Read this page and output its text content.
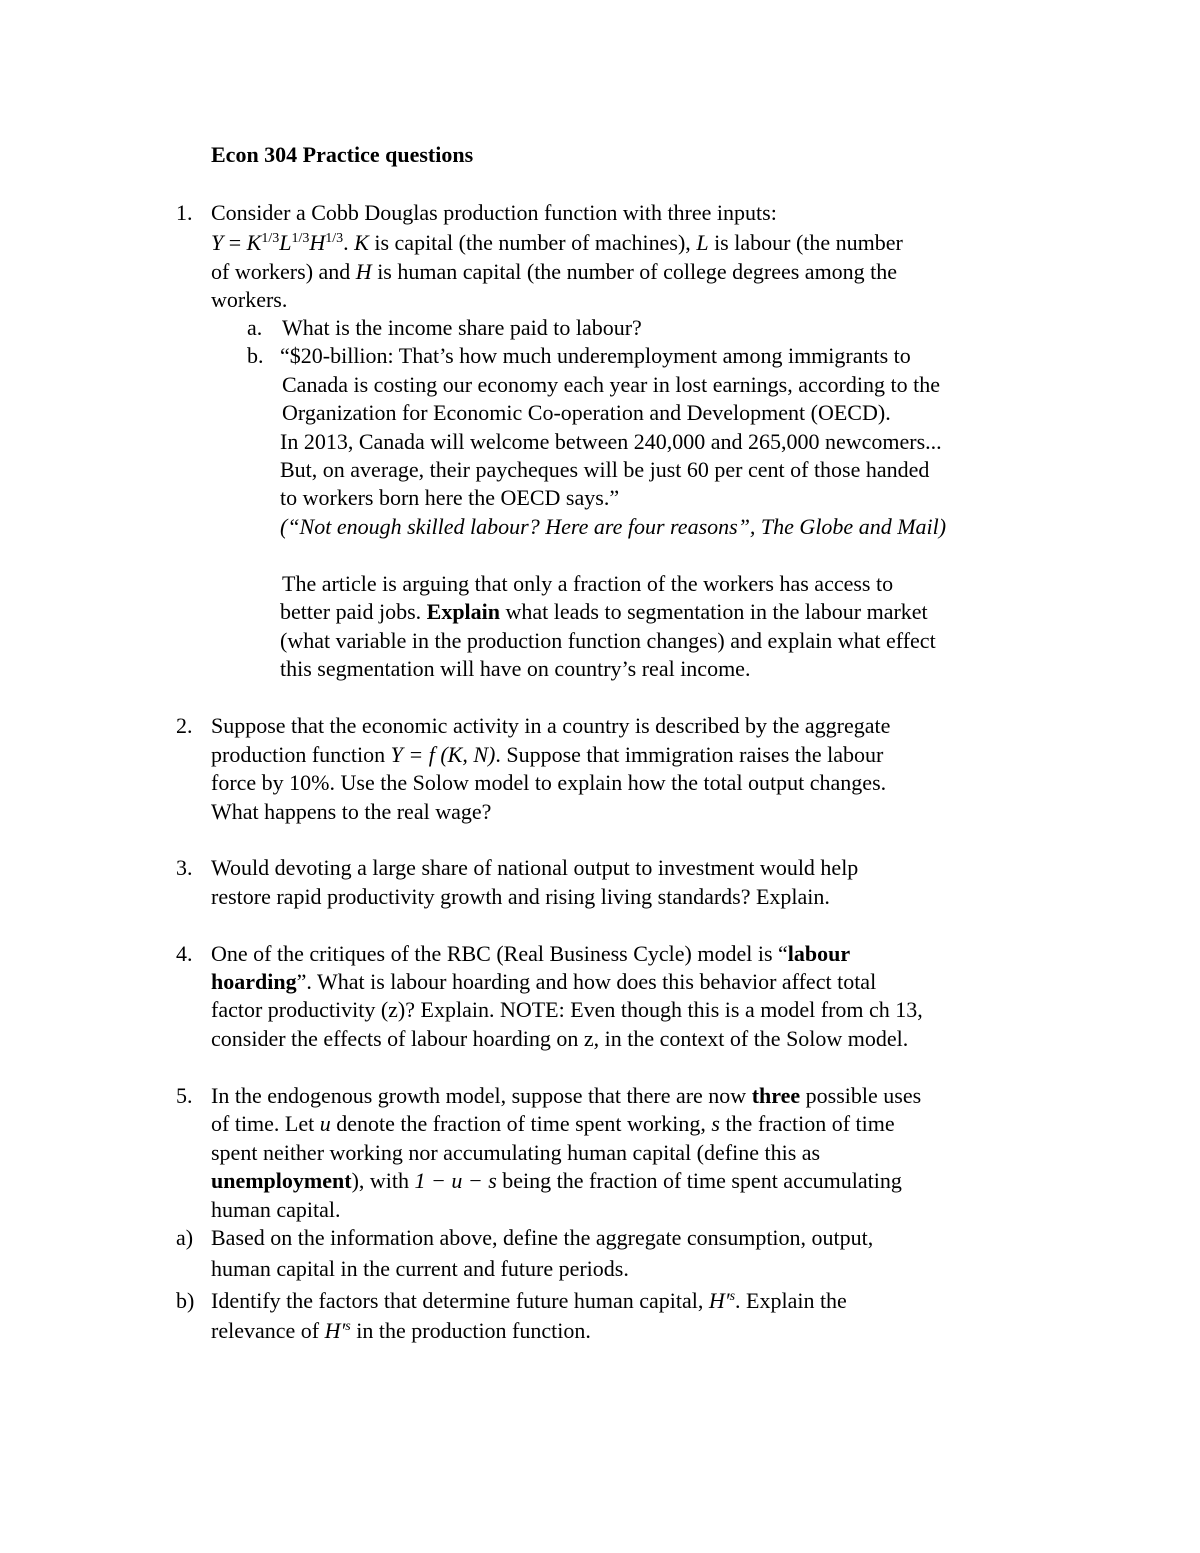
Econ 304 Practice questions
1. Consider a Cobb Douglas production function with three inputs:
$Y = K^{1/3}L^{1/3}H^{1/3}$. K is capital (the number of machines), L is labour (the number
of workers) and H is human capital (the number of college degrees among the
workers.
a. What is the income share paid to labour?
b. “$20-billion: That’s how much underemployment among immigrants to
Canada is costing our economy each year in lost earnings, according to the
Organization for Economic Co-operation and Development (OECD).
In 2013, Canada will welcome between 240,000 and 265,000 newcomers...
But, on average, their paycheques will be just 60 per cent of those handed
to workers born here the OECD says.”
(“Not enough skilled labour? Here are four reasons”, The Globe and Mail)
The article is arguing that only a fraction of the workers has access to
better paid jobs. Explain what leads to segmentation in the labour market
(what variable in the production function changes) and explain what effect
this segmentation will have on country’s real income.
2. Suppose that the economic activity in a country is described by the aggregate
production function Y = f (K, N). Suppose that immigration raises the labour
force by 10%. Use the Solow model to explain how the total output changes.
What happens to the real wage?
3. Would devoting a large share of national output to investment would help
restore rapid productivity growth and rising living standards? Explain.
4. One of the critiques of the RBC (Real Business Cycle) model is “labour
hoarding”. What is labour hoarding and how does this behavior affect total
factor productivity (z)? Explain. NOTE: Even though this is a model from ch 13,
consider the effects of labour hoarding on z, in the context of the Solow model.
5. In the endogenous growth model, suppose that there are now three possible uses
of time. Let u denote the fraction of time spent working, s the fraction of time
spent neither working nor accumulating human capital (define this as
unemployment), with 1 − u − s being the fraction of time spent accumulating
human capital.
a) Based on the information above, define the aggregate consumption, output,
human capital in the current and future periods.
b) Identify the factors that determine future human capital, $H'^s$. Explain the
relevance of $H'^s$ in the production function.
